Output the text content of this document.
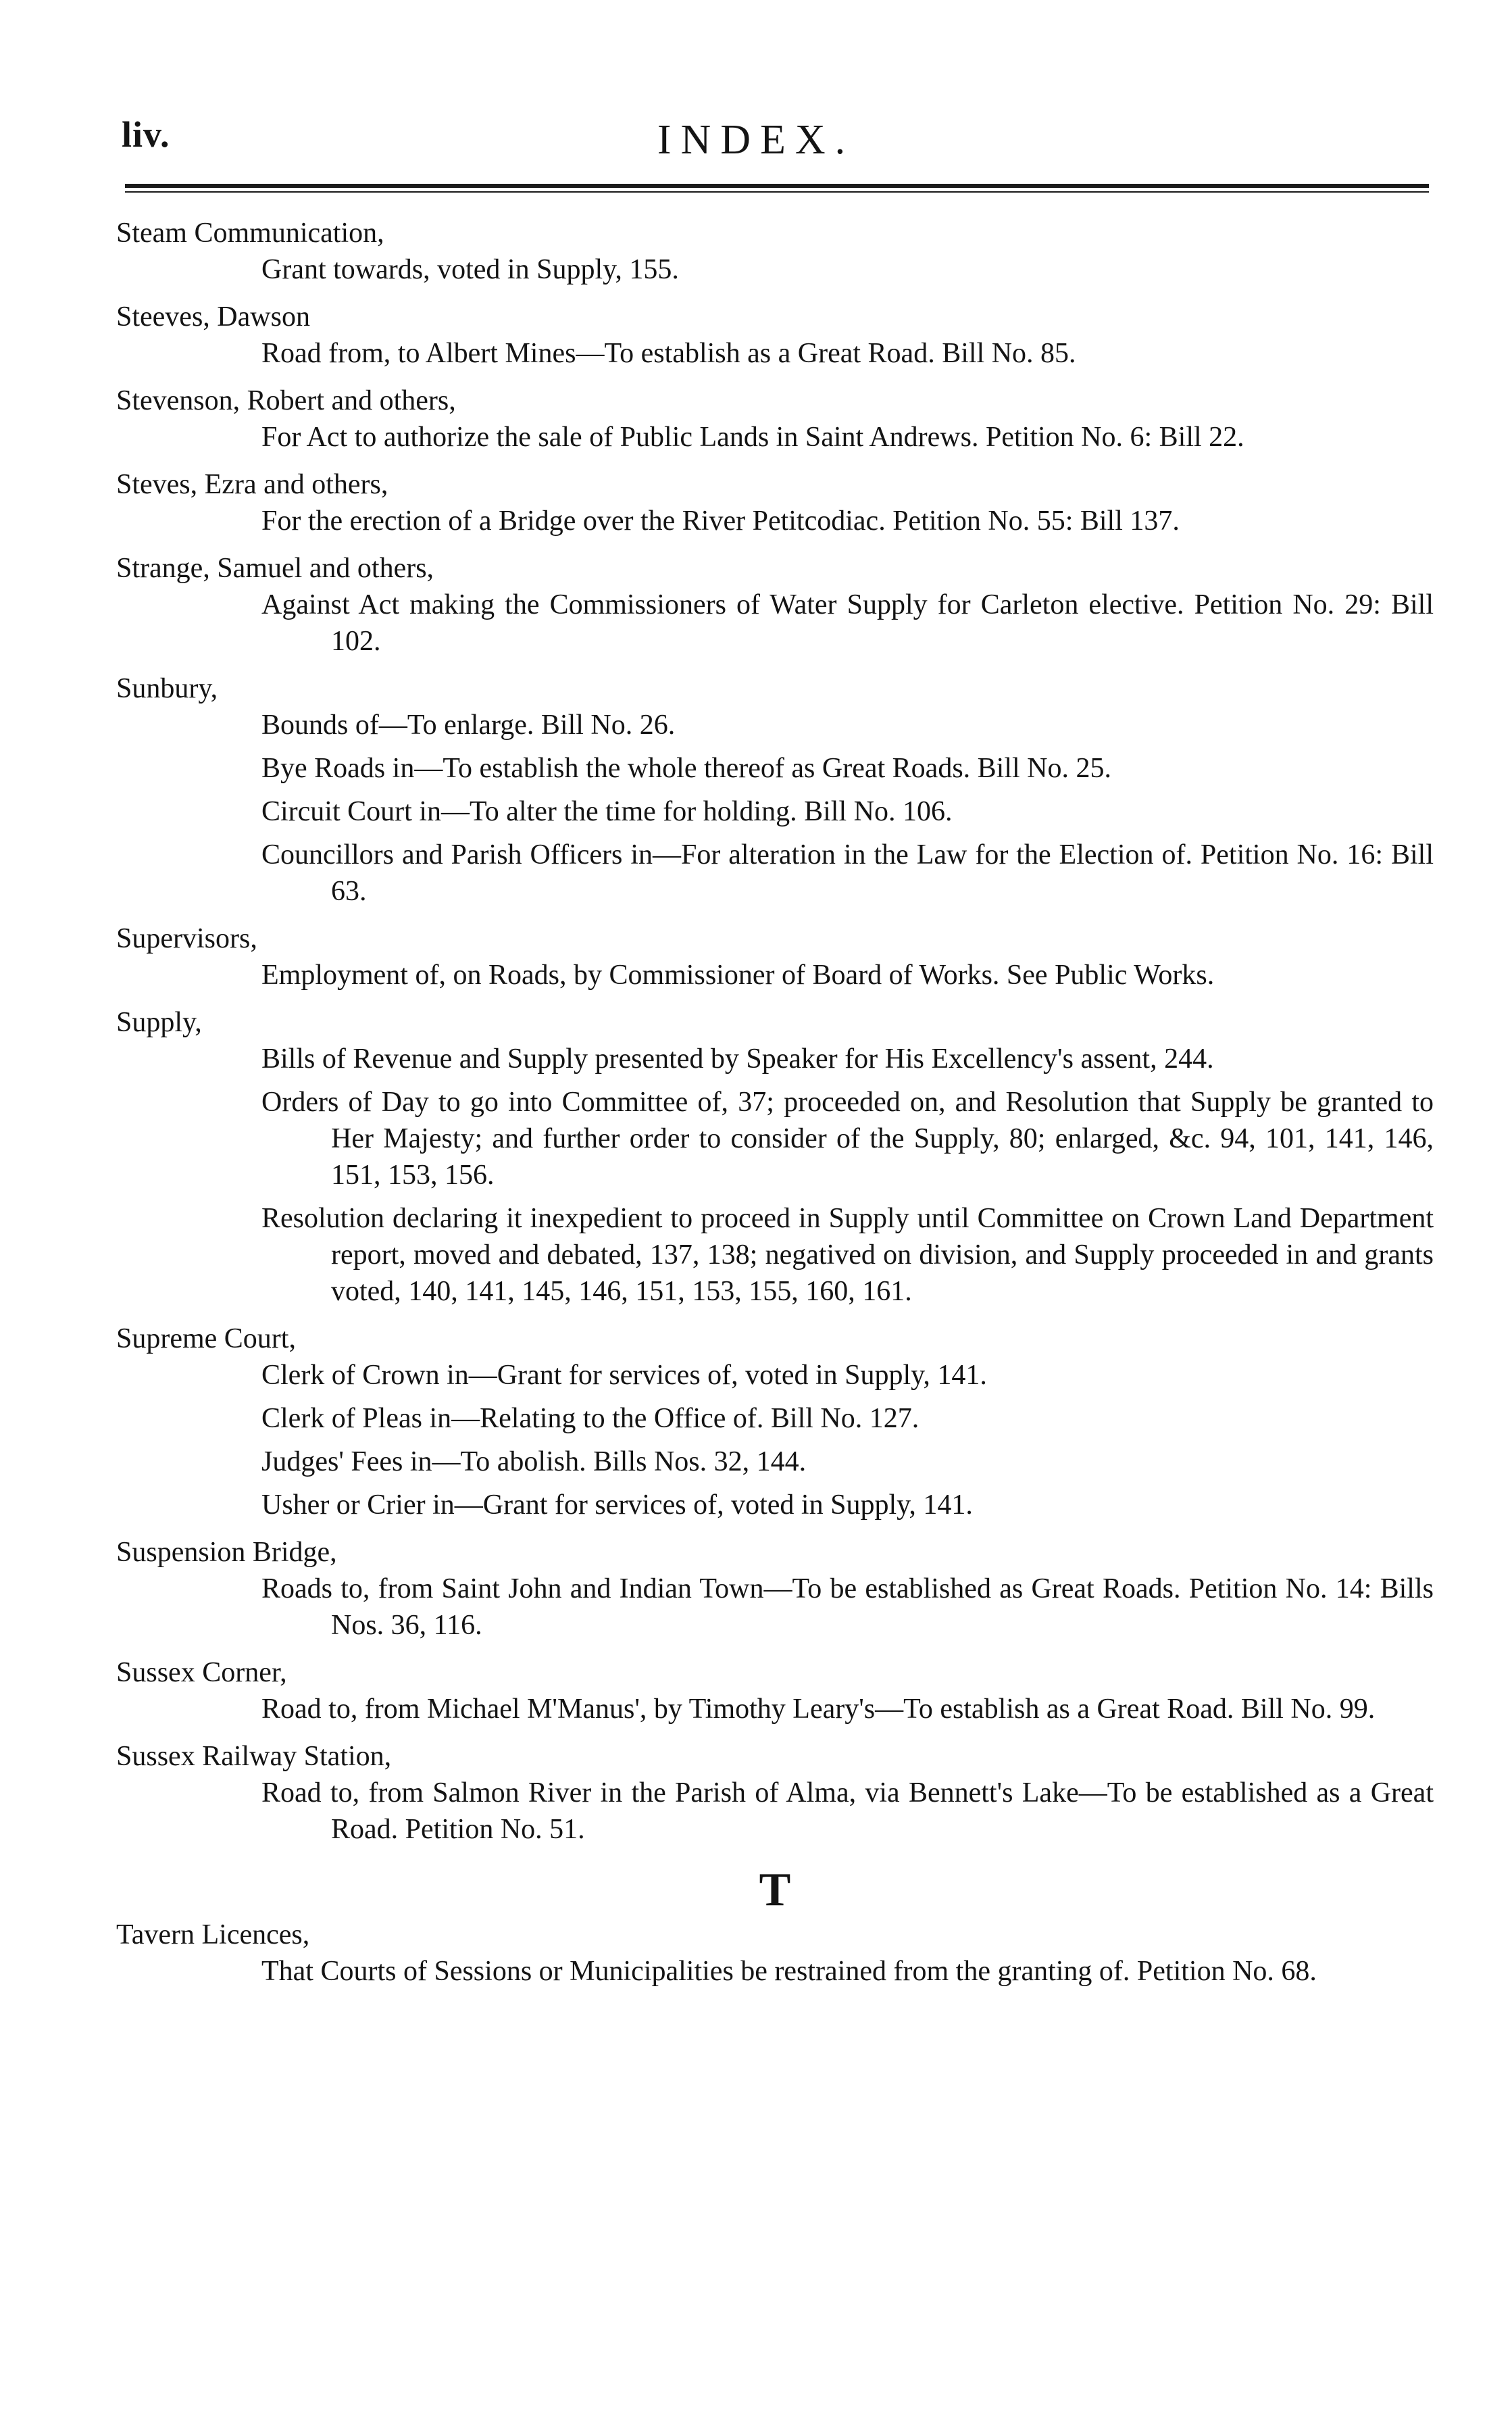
liv.	INDEX.
Steam Communication,
Grant towards, voted in Supply, 155.
Steeves, Dawson
Road from, to Albert Mines—To establish as a Great Road. Bill No. 85.
Stevenson, Robert and others,
For Act to authorize the sale of Public Lands in Saint Andrews. Petition No. 6: Bill 22.
Steves, Ezra and others,
For the erection of a Bridge over the River Petitcodiac. Petition No. 55: Bill 137.
Strange, Samuel and others,
Against Act making the Commissioners of Water Supply for Carleton elective. Petition No. 29: Bill 102.
Sunbury,
Bounds of—To enlarge. Bill No. 26.
Bye Roads in—To establish the whole thereof as Great Roads. Bill No. 25.
Circuit Court in—To alter the time for holding. Bill No. 106.
Councillors and Parish Officers in—For alteration in the Law for the Election of. Petition No. 16: Bill 63.
Supervisors,
Employment of, on Roads, by Commissioner of Board of Works. See Public Works.
Supply,
Bills of Revenue and Supply presented by Speaker for His Excellency's assent, 244.
Orders of Day to go into Committee of, 37; proceeded on, and Resolution that Supply be granted to Her Majesty; and further order to consider of the Supply, 80; enlarged, &c. 94, 101, 141, 146, 151, 153, 156.
Resolution declaring it inexpedient to proceed in Supply until Committee on Crown Land Department report, moved and debated, 137, 138; negatived on division, and Supply proceeded in and grants voted, 140, 141, 145, 146, 151, 153, 155, 160, 161.
Supreme Court,
Clerk of Crown in—Grant for services of, voted in Supply, 141.
Clerk of Pleas in—Relating to the Office of. Bill No. 127.
Judges' Fees in—To abolish. Bills Nos. 32, 144.
Usher or Crier in—Grant for services of, voted in Supply, 141.
Suspension Bridge,
Roads to, from Saint John and Indian Town—To be established as Great Roads. Petition No. 14: Bills Nos. 36, 116.
Sussex Corner,
Road to, from Michael M'Manus', by Timothy Leary's—To establish as a Great Road. Bill No. 99.
Sussex Railway Station,
Road to, from Salmon River in the Parish of Alma, via Bennett's Lake—To be established as a Great Road. Petition No. 51.
T
Tavern Licences,
That Courts of Sessions or Municipalities be restrained from the granting of. Petition No. 68.
